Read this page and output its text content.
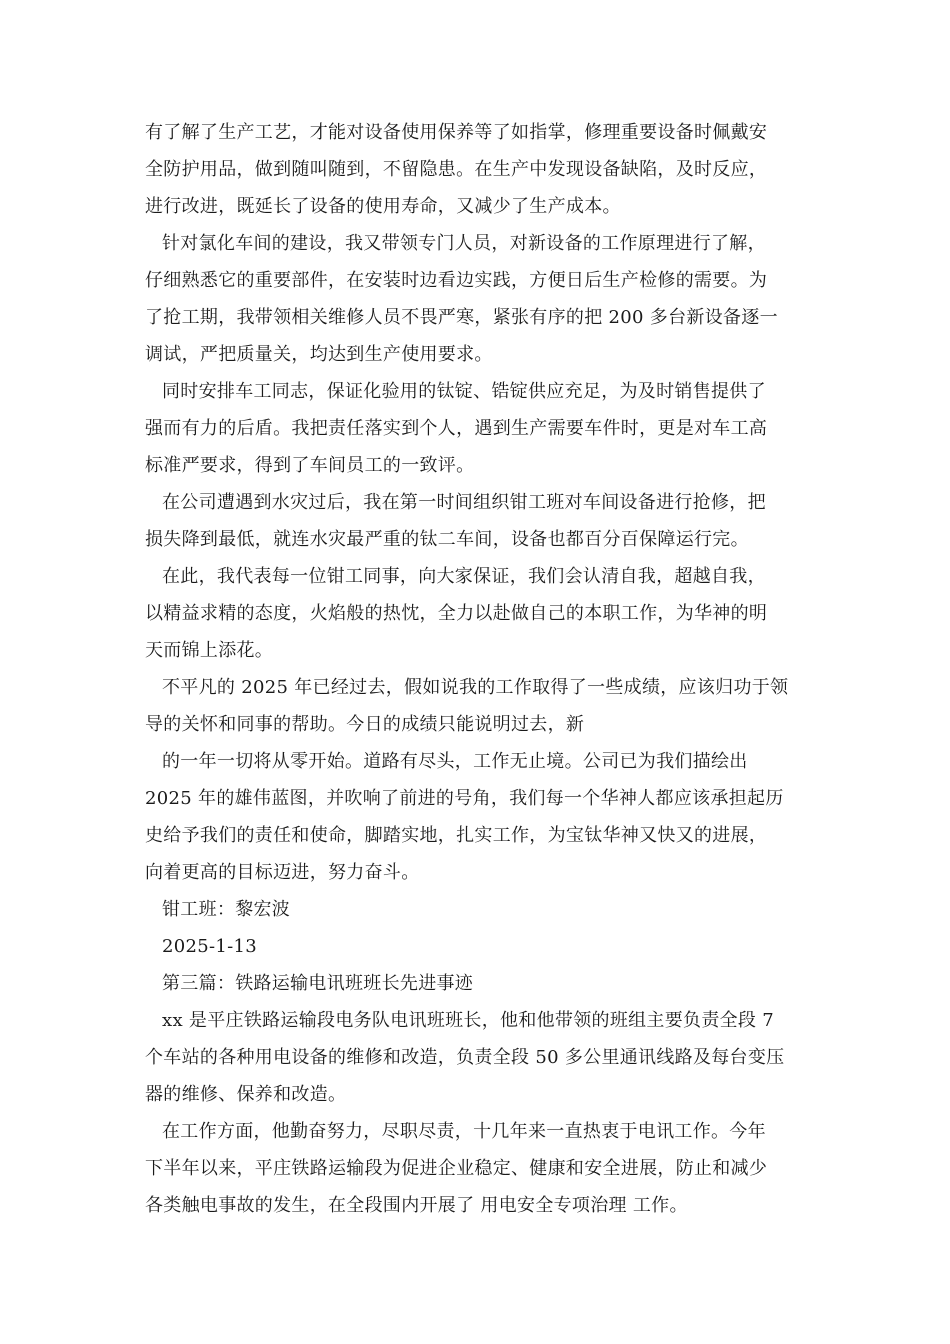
有了解了生产工艺，才能对设备使用保养等了如指掌，修理重要设备时佩戴安
全防护用品，做到随叫随到，不留隐患。在生产中发现设备缺陷，及时反应，
进行改进，既延长了设备的使用寿命，又减少了生产成本。
针对氯化车间的建设，我又带领专门人员，对新设备的工作原理进行了解，
仔细熟悉它的重要部件，在安装时边看边实践，方便日后生产检修的需要。为
了抢工期，我带领相关维修人员不畏严寒，紧张有序的把 200 多台新设备逐一
调试，严把质量关，均达到生产使用要求。
同时安排车工同志，保证化验用的钛锭、锆锭供应充足，为及时销售提供了
强而有力的后盾。我把责任落实到个人，遇到生产需要车件时，更是对车工高
标准严要求，得到了车间员工的一致评。
在公司遭遇到水灾过后，我在第一时间组织钳工班对车间设备进行抢修，把
损失降到最低，就连水灾最严重的钛二车间，设备也都百分百保障运行完。
在此，我代表每一位钳工同事，向大家保证，我们会认清自我，超越自我，
以精益求精的态度，火焰般的热忱，全力以赴做自己的本职工作，为华神的明
天而锦上添花。
不平凡的 2025 年已经过去，假如说我的工作取得了一些成绩，应该归功于领
导的关怀和同事的帮助。今日的成绩只能说明过去，新
的一年一切将从零开始。道路有尽头，工作无止境。公司已为我们描绘出
2025 年的雄伟蓝图，并吹响了前进的号角，我们每一个华神人都应该承担起历
史给予我们的责任和使命，脚踏实地，扎实工作，为宝钛华神又快又的进展，
向着更高的目标迈进，努力奋斗。
钳工班：黎宏波
2025-1-13
第三篇：铁路运输电讯班班长先进事迹
xx 是平庄铁路运输段电务队电讯班班长，他和他带领的班组主要负责全段 7
个车站的各种用电设备的维修和改造，负责全段 50 多公里通讯线路及每台变压
器的维修、保养和改造。
在工作方面，他勤奋努力，尽职尽责，十几年来一直热衷于电讯工作。今年
下半年以来，平庄铁路运输段为促进企业稳定、健康和安全进展，防止和减少
各类触电事故的发生，在全段围内开展了 用电安全专项治理 工作。
